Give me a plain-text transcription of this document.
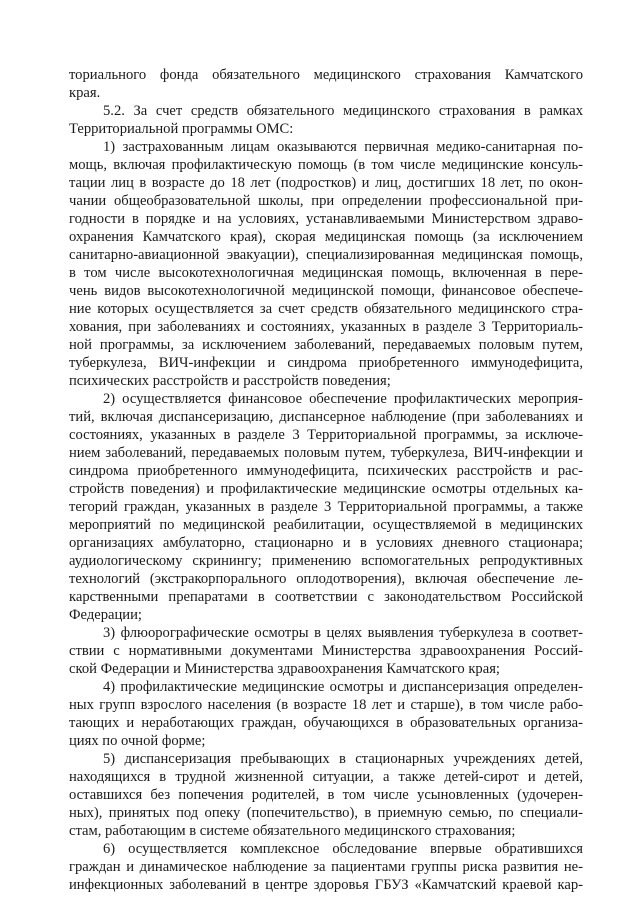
ториального фонда обязательного медицинского страхования Камчатского
края.
5.2. За счет средств обязательного медицинского страхования в рамках
Территориальной программы ОМС:
1) застрахованным лицам оказываются первичная медико-санитарная по-
мощь, включая профилактическую помощь (в том числе медицинские консуль-
тации лиц в возрасте до 18 лет (подростков) и лиц, достигших 18 лет, по окон-
чании общеобразовательной школы, при определении профессиональной при-
годности в порядке и на условиях, устанавливаемыми Министерством здраво-
охранения Камчатского края), скорая медицинская помощь (за исключением
санитарно-авиационной эвакуации), специализированная медицинская помощь,
в том числе высокотехнологичная медицинская помощь, включенная в пере-
чень видов высокотехнологичной медицинской помощи, финансовое обеспече-
ние которых осуществляется за счет средств обязательного медицинского стра-
хования, при заболеваниях и состояниях, указанных в разделе 3 Территориаль-
ной программы, за исключением заболеваний, передаваемых половым путем,
туберкулеза, ВИЧ-инфекции и синдрома приобретенного иммунодефицита,
психических расстройств и расстройств поведения;
2) осуществляется финансовое обеспечение профилактических мероприя-
тий, включая диспансеризацию, диспансерное наблюдение (при заболеваниях и
состояниях, указанных в разделе 3 Территориальной программы, за исключе-
нием заболеваний, передаваемых половым путем, туберкулеза, ВИЧ-инфекции и
синдрома приобретенного иммунодефицита, психических расстройств и рас-
стройств поведения) и профилактические медицинские осмотры отдельных ка-
тегорий граждан, указанных в разделе 3 Территориальной программы, а также
мероприятий по медицинской реабилитации, осуществляемой в медицинских
организациях амбулаторно, стационарно и в условиях дневного стационара;
аудиологическому скринингу; применению вспомогательных репродуктивных
технологий (экстракорпорального оплодотворения), включая обеспечение ле-
карственными препаратами в соответствии с законодательством Российской
Федерации;
3) флюорографические осмотры в целях выявления туберкулеза в соответ-
ствии с нормативными документами Министерства здравоохранения Россий-
ской Федерации и Министерства здравоохранения Камчатского края;
4) профилактические медицинские осмотры и диспансеризация определен-
ных групп взрослого населения (в возрасте 18 лет и старше), в том числе рабо-
тающих и неработающих граждан, обучающихся в образовательных организа-
циях по очной форме;
5) диспансеризация пребывающих в стационарных учреждениях детей,
находящихся в трудной жизненной ситуации, а также детей-сирот и детей,
оставшихся без попечения родителей, в том числе усыновленных (удочерен-
ных), принятых под опеку (попечительство), в приемную семью, по специали-
стам, работающим в системе обязательного медицинского страхования;
6) осуществляется комплексное обследование впервые обратившихся
граждан и динамическое наблюдение за пациентами группы риска развития не-
инфекционных заболеваний в центре здоровья ГБУЗ «Камчатский краевой кар-
